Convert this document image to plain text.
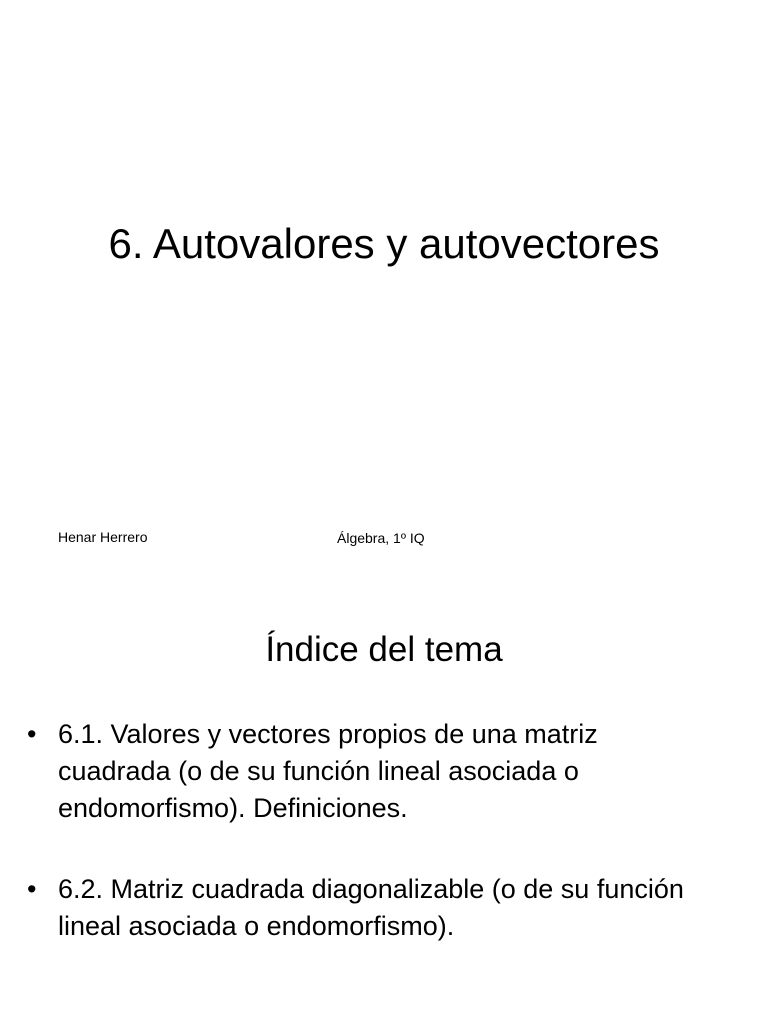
6. Autovalores y autovectores
Henar Herrero	Álgebra, 1º IQ
Índice del tema
• 6.1. Valores y vectores propios de una matriz cuadrada (o de su función lineal asociada o endomorfismo). Definiciones.
• 6.2. Matriz cuadrada diagonalizable (o de su función lineal asociada o endomorfismo).
